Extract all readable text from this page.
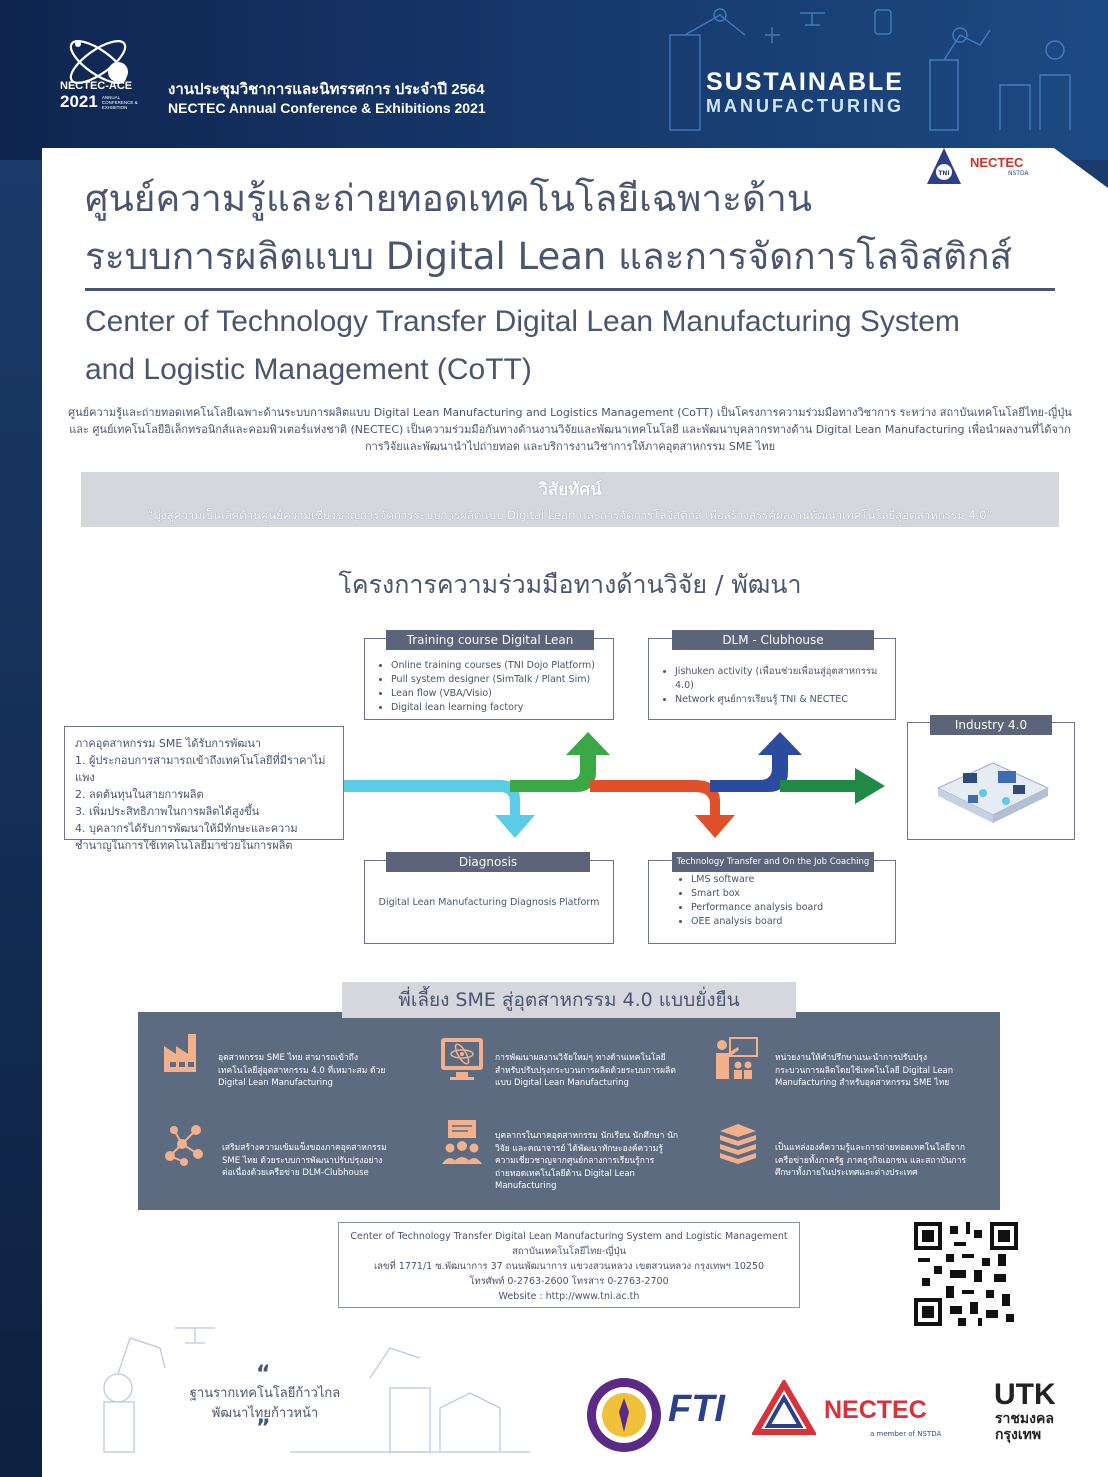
NECTEC-ACE
2021 ANNUAL CONFERENCE & EXHIBITION
งานประชุมวิชาการและนิทรรศการ ประจำปี 2564
NECTEC Annual Conference & Exhibitions 2021
SUSTAINABLE
MANUFACTURING
TNI
NECTEC
NSTDA
ศูนย์ความรู้และถ่ายทอดเทคโนโลยีเฉพาะด้าน
ระบบการผลิตแบบ Digital Lean และการจัดการโลจิสติกส์
Center of Technology Transfer Digital Lean Manufacturing System
and Logistic Management (CoTT)
ศูนย์ความรู้และถ่ายทอดเทคโนโลยีเฉพาะด้านระบบการผลิตแบบ Digital Lean Manufacturing and Logistics Management (CoTT) เป็นโครงการความร่วมมือทางวิชาการ ระหว่าง สถาบันเทคโนโลยีไทย-ญี่ปุ่น และ ศูนย์เทคโนโลยีอิเล็กทรอนิกส์และคอมพิวเตอร์แห่งชาติ (NECTEC) เป็นความร่วมมือกันทางด้านงานวิจัยและพัฒนาเทคโนโลยี และพัฒนาบุคลากรทางด้าน Digital Lean Manufacturing เพื่อนำผลงานที่ได้จากการวิจัยและพัฒนานำไปถ่ายทอด และบริการงานวิชาการให้ภาคอุตสาหกรรม SME ไทย
วิสัยทัศน์
“มุ่งสู่ความเป็นเลิศด้านศูนย์ความเชี่ยวชาญการจัดการระบบการผลิตแบบ Digital Lean และการจัดการโลจิสติกส์ เพื่อสร้างสรรค์ผลงานพัฒนาเทคโนโลยีสู่อุตสาหกรรม 4.0”
โครงการความร่วมมือทางด้านวิจัย / พัฒนา
ภาคอุตสาหกรรม SME ได้รับการพัฒนา
1. ผู้ประกอบการสามารถเข้าถึงเทคโนโลยีที่มีราคาไม่แพง
2. ลดต้นทุนในสายการผลิต
3. เพิ่มประสิทธิภาพในการผลิตได้สูงขึ้น
4. บุคลากรได้รับการพัฒนาให้มีทักษะและความชำนาญในการใช้เทคโนโลยีมาช่วยในการผลิต
• Online training courses (TNI Dojo Platform)
• Pull system designer (SimTalk / Plant Sim)
• Lean flow (VBA/Visio)
• Digital lean learning factory
Training course Digital Lean
• Jishuken activity (เพื่อนช่วยเพื่อนสู่อุตสาหกรรม 4.0)
• Network ศูนย์การเรียนรู้ TNI & NECTEC
DLM - Clubhouse
Industry 4.0
Digital Lean Manufacturing Diagnosis Platform
Diagnosis
• LMS software
• Smart box
• Performance analysis board
• OEE analysis board
Technology Transfer and On the Job Coaching
พี่เลี้ยง SME สู่อุตสาหกรรม 4.0 แบบยั่งยืน
อุตสาหกรรม SME ไทย สามารถเข้าถึงเทคโนโลยีสู่อุตสาหกรรม 4.0 ที่เหมาะสม ด้วย Digital Lean Manufacturing
การพัฒนาผลงานวิจัยใหม่ๆ ทางด้านเทคโนโลยีสำหรับปรับปรุงกระบวนการผลิตด้วยระบบการผลิตแบบ Digital Lean Manufacturing
หน่วยงานให้คำปรึกษาแนะนำการปรับปรุงกระบวนการผลิตโดยใช้เทคโนโลยี Digital Lean Manufacturing สำหรับอุตสาหกรรม SME ไทย
เสริมสร้างความเข้มแข็งของภาคอุตสาหกรรม SME ไทย ด้วยระบบการพัฒนาปรับปรุงอย่างต่อเนื่องด้วยเครือข่าย DLM-Clubhouse
บุคลากรในภาคอุตสาหกรรม นักเรียน นักศึกษา นักวิจัย และคณาจารย์ ได้พัฒนาทักษะองค์ความรู้ความเชี่ยวชาญจากศูนย์กลางการเรียนรู้การถ่ายทอดเทคโนโลยีด้าน Digital Lean Manufacturing
เป็นแหล่งองค์ความรู้และการถ่ายทอดเทคโนโลยีจากเครือข่ายทั้งภาครัฐ ภาคธุรกิจเอกชน และสถาบันการศึกษาทั้งภายในประเทศและต่างประเทศ
Center of Technology Transfer Digital Lean Manufacturing System and Logistic Management
สถาบันเทคโนโลยีไทย-ญี่ปุ่น
เลขที่ 1771/1 ซ.พัฒนาการ 37 ถนนพัฒนาการ แขวงสวนหลวง เขตสวนหลวง กรุงเทพฯ 10250
โทรศัพท์ 0-2763-2600 โทรสาร 0-2763-2700
Website : http://www.tni.ac.th
“
ฐานรากเทคโนโลยีก้าวไกล
พัฒนาไทยก้าวหน้า
”	FTI	NECTEC
a member of NSTDA
UTK
ราชมงคล
กรุงเทพ
